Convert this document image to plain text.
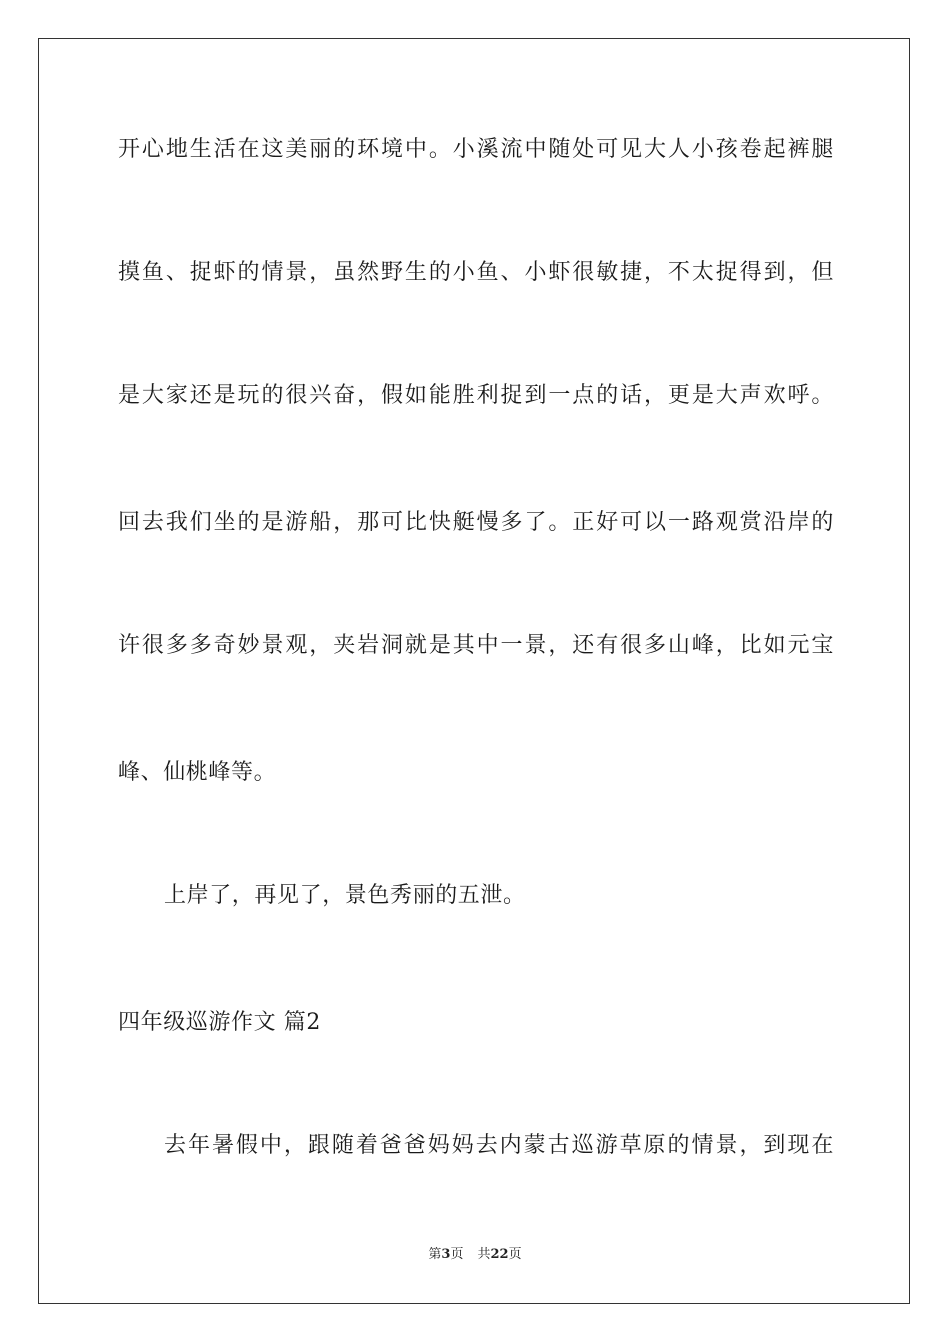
开心地生活在这美丽的环境中。小溪流中随处可见大人小孩卷起裤腿
摸鱼、捉虾的情景，虽然野生的小鱼、小虾很敏捷，不太捉得到，但
是大家还是玩的很兴奋，假如能胜利捉到一点的话，更是大声欢呼。
回去我们坐的是游船，那可比快艇慢多了。正好可以一路观赏沿岸的
许很多多奇妙景观，夹岩洞就是其中一景，还有很多山峰，比如元宝
峰、仙桃峰等。
上岸了，再见了，景色秀丽的五泄。
四年级巡游作文 篇2
去年暑假中，跟随着爸爸妈妈去内蒙古巡游草原的情景，到现在
第3页 共22页
